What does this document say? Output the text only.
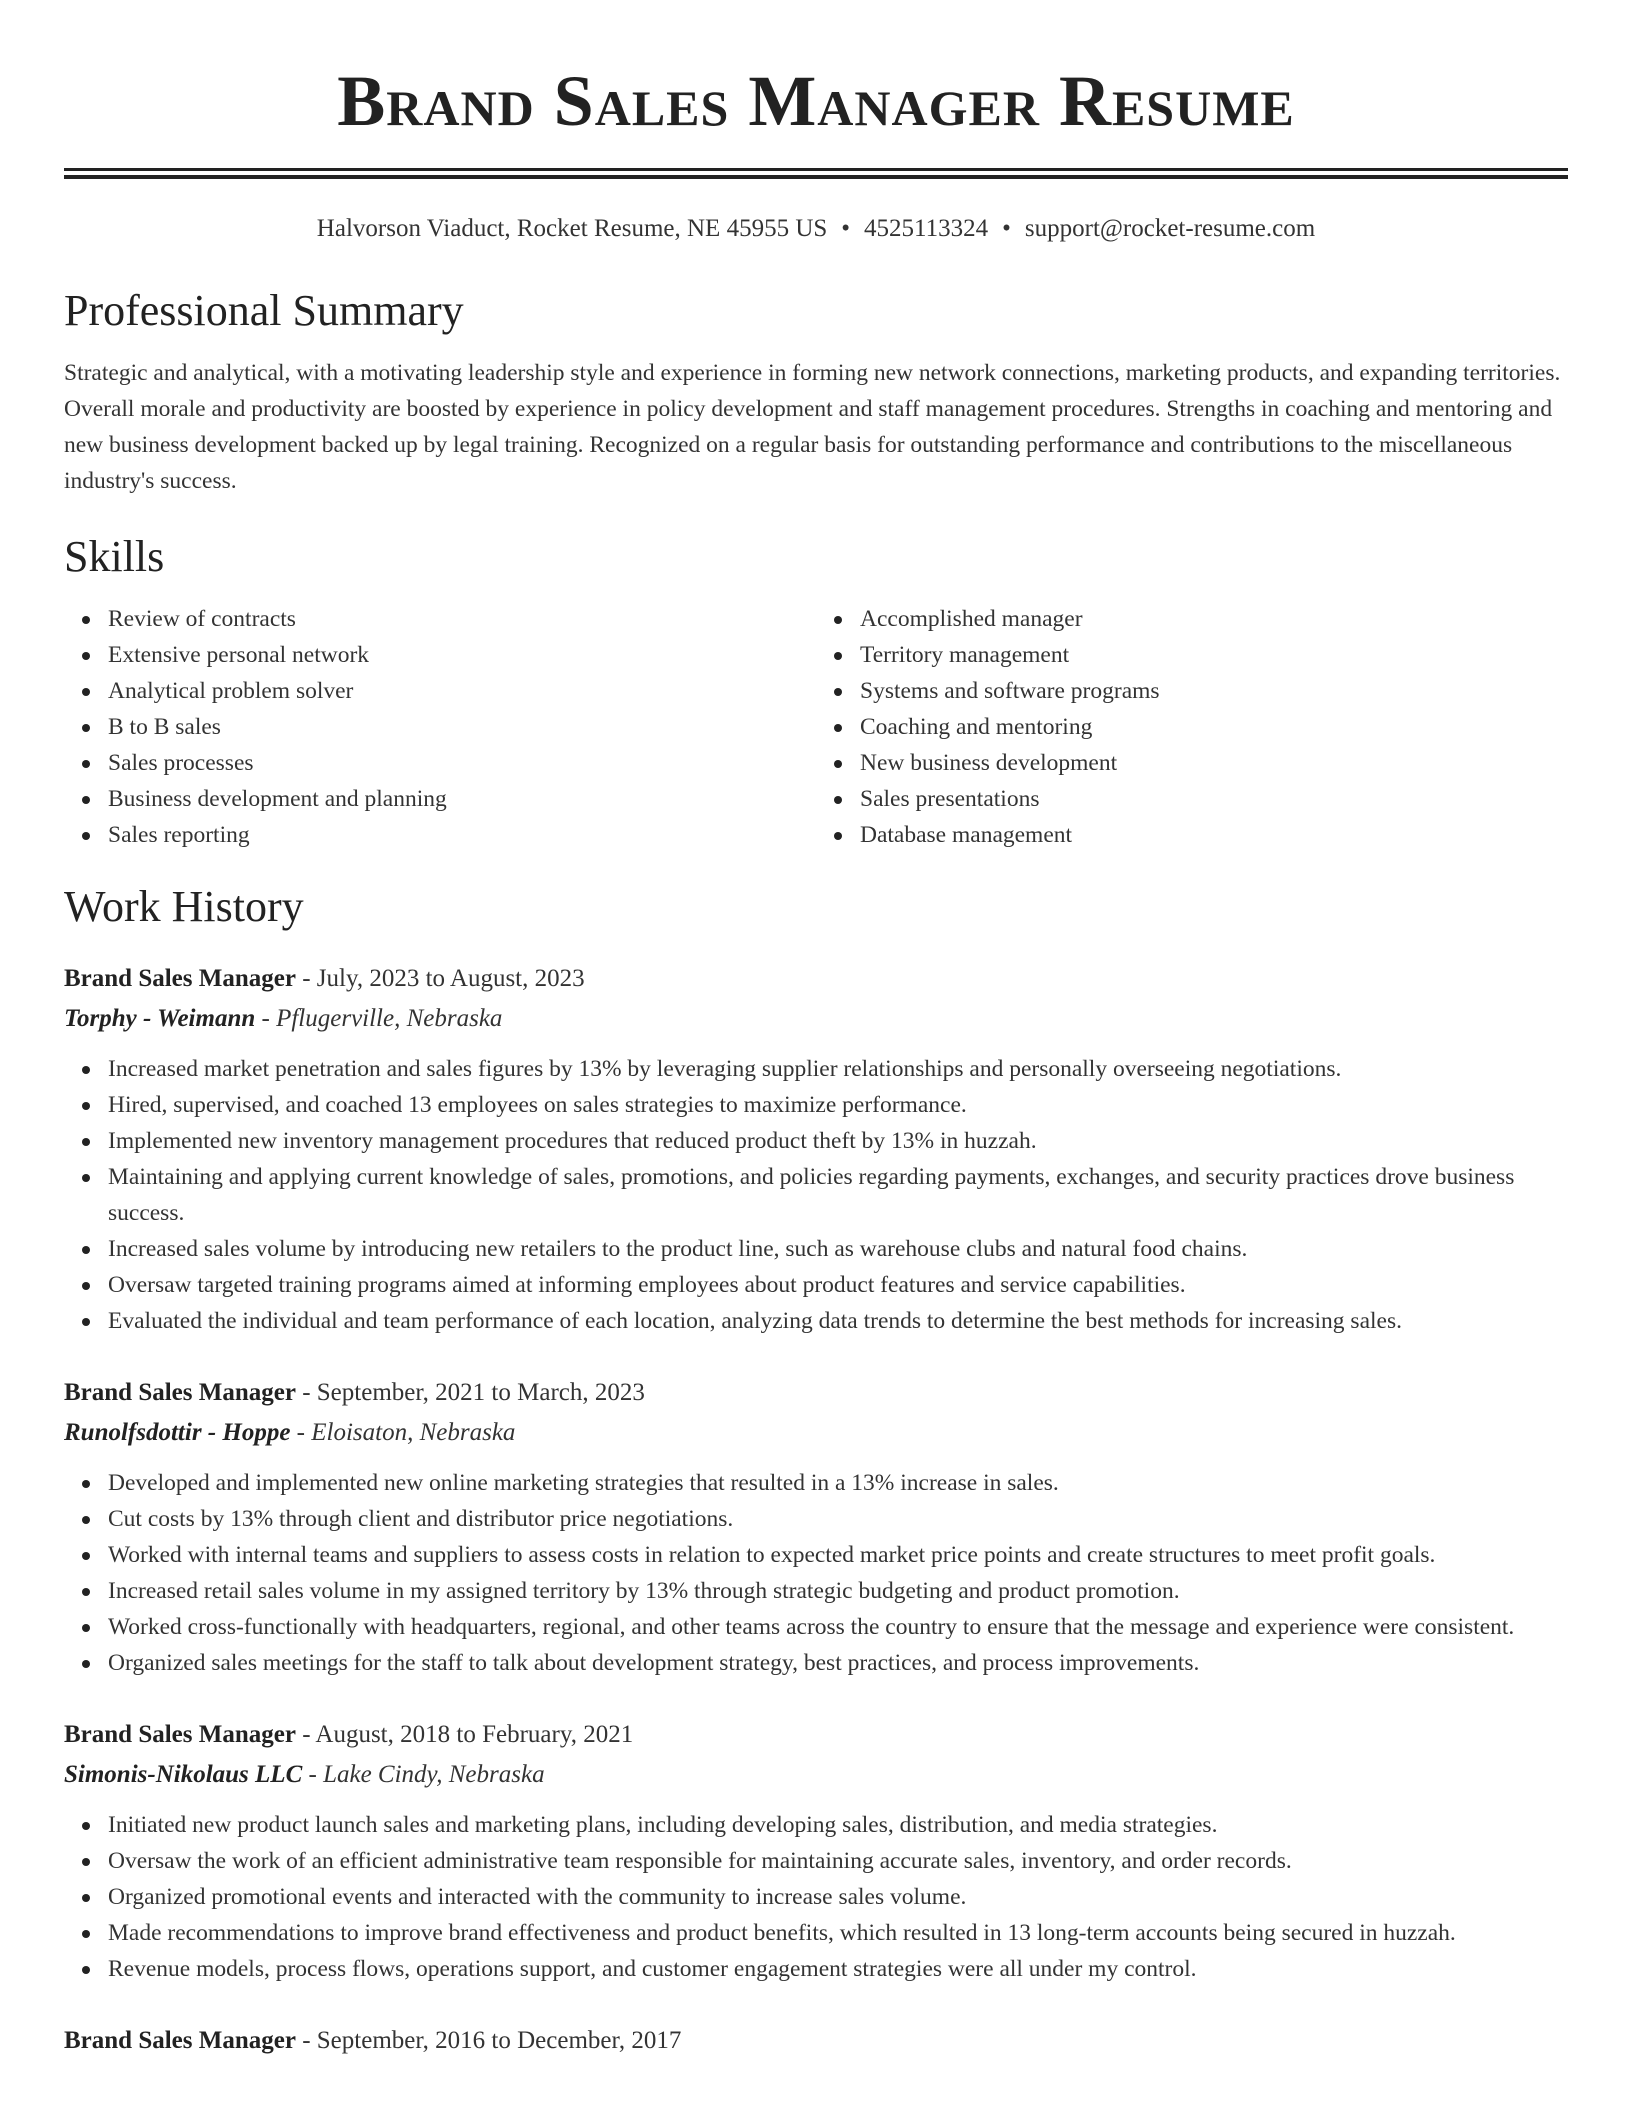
Brand Sales Manager Resume
Halvorson Viaduct, Rocket Resume, NE 45955 US • 4525113324 • support@rocket-resume.com
Professional Summary

Strategic and analytical, with a motivating leadership style and experience in forming new network connections, marketing products, and expanding territories. Overall morale and productivity are boosted by experience in policy development and staff management procedures. Strengths in coaching and mentoring and new business development backed up by legal training. Recognized on a regular basis for outstanding performance and contributions to the miscellaneous industry's success.

Skills
Review of contracts
Extensive personal network
Analytical problem solver
B to B sales
Sales processes
Business development and planning
Sales reporting
Accomplished manager
Territory management
Systems and software programs
Coaching and mentoring
New business development
Sales presentations
Database management
Work History
Brand Sales Manager - July, 2023 to August, 2023
Torphy - Weimann - Pflugerville, Nebraska
Increased market penetration and sales figures by 13% by leveraging supplier relationships and personally overseeing negotiations.
Hired, supervised, and coached 13 employees on sales strategies to maximize performance.
Implemented new inventory management procedures that reduced product theft by 13% in huzzah.
Maintaining and applying current knowledge of sales, promotions, and policies regarding payments, exchanges, and security practices drove business success.
Increased sales volume by introducing new retailers to the product line, such as warehouse clubs and natural food chains.
Oversaw targeted training programs aimed at informing employees about product features and service capabilities.
Evaluated the individual and team performance of each location, analyzing data trends to determine the best methods for increasing sales.
Brand Sales Manager - September, 2021 to March, 2023
Runolfsdottir - Hoppe - Eloisaton, Nebraska
Developed and implemented new online marketing strategies that resulted in a 13% increase in sales.
Cut costs by 13% through client and distributor price negotiations.
Worked with internal teams and suppliers to assess costs in relation to expected market price points and create structures to meet profit goals.
Increased retail sales volume in my assigned territory by 13% through strategic budgeting and product promotion.
Worked cross-functionally with headquarters, regional, and other teams across the country to ensure that the message and experience were consistent.
Organized sales meetings for the staff to talk about development strategy, best practices, and process improvements.
Brand Sales Manager - August, 2018 to February, 2021
Simonis-Nikolaus LLC - Lake Cindy, Nebraska
Initiated new product launch sales and marketing plans, including developing sales, distribution, and media strategies.
Oversaw the work of an efficient administrative team responsible for maintaining accurate sales, inventory, and order records.
Organized promotional events and interacted with the community to increase sales volume.
Made recommendations to improve brand effectiveness and product benefits, which resulted in 13 long-term accounts being secured in huzzah.
Revenue models, process flows, operations support, and customer engagement strategies were all under my control.
Brand Sales Manager - September, 2016 to December, 2017
